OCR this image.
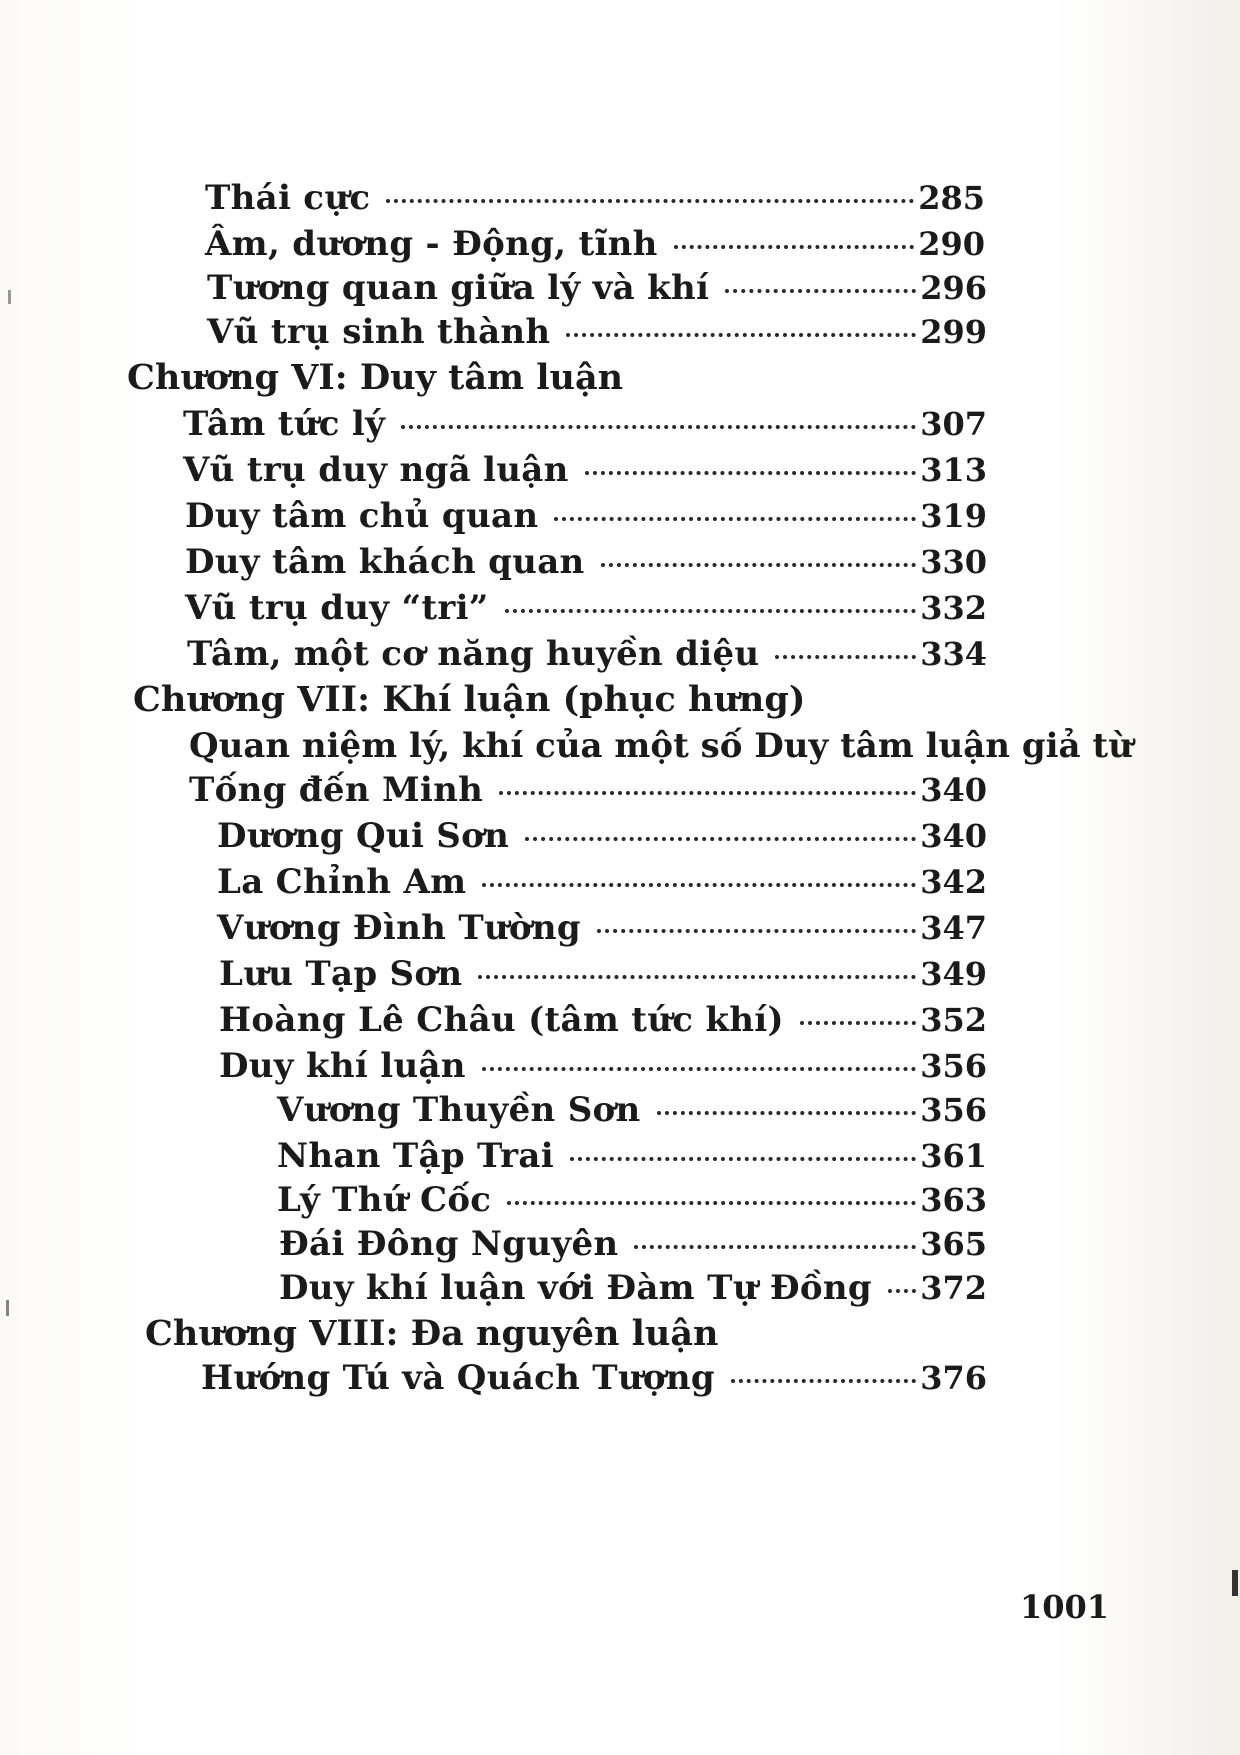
Thái cực	285
Âm, dương - Động, tĩnh	290
Tương quan giữa lý và khí	296
Vũ trụ sinh thành	299
Chương VI: Duy tâm luận
Tâm tức lý	307
Vũ trụ duy ngã luận	313
Duy tâm chủ quan	319
Duy tâm khách quan	330
Vũ trụ duy “tri”	332
Tâm, một cơ năng huyền diệu	334
Chương VII: Khí luận (phục hưng)
Quan niệm lý, khí của một số Duy tâm luận giả từ
Tống đến Minh	340
Dương Qui Sơn	340
La Chỉnh Am	342
Vương Đình Tường	347
Lưu Tạp Sơn	349
Hoàng Lê Châu (tâm tức khí)	352
Duy khí luận	356
Vương Thuyền Sơn	356
Nhan Tập Trai	361
Lý Thứ Cốc	363
Đái Đông Nguyên	365
Duy khí luận với Đàm Tự Đồng 372
Chương VIII: Đa nguyên luận
Hướng Tú và Quách Tượng	376
1001
